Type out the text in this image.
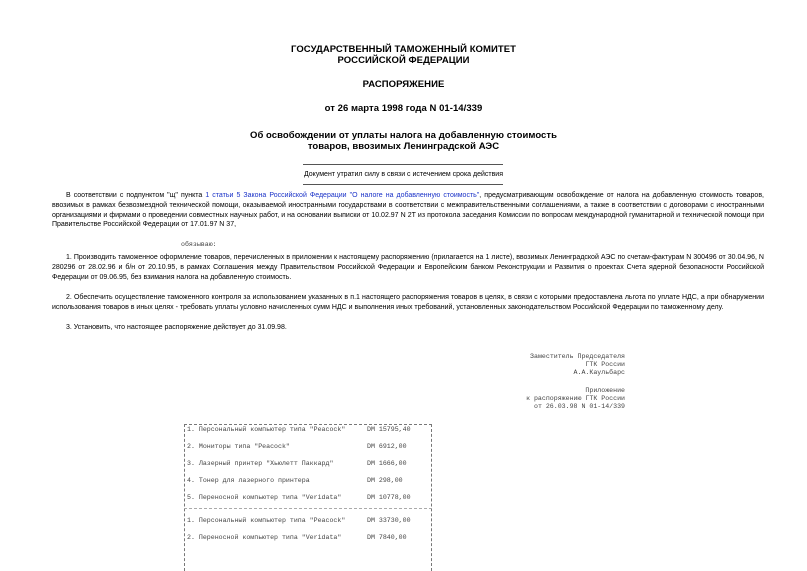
ГОСУДАРСТВЕННЫЙ ТАМОЖЕННЫЙ КОМИТЕТ
РОССИЙСКОЙ ФЕДЕРАЦИИ
РАСПОРЯЖЕНИЕ
от 26 марта 1998 года N 01-14/339
Об освобождении от уплаты налога на добавленную стоимость
товаров, ввозимых Ленинградской АЭС
Документ утратил силу в связи с истечением срока действия
В соответствии с подпунктом "щ" пункта 1 статьи 5 Закона Российской Федерации "О налоге на добавленную стоимость", предусматривающим освобождение от налога на добавленную стоимость товаров, ввозимых в рамках безвозмездной технической помощи, оказываемой иностранными государствами в соответствии с межправительственными соглашениями, а также в соответствии с договорами с иностранными организациями и фирмами о проведении совместных научных работ, и на основании выписки от 10.02.97 N 2Т из протокола заседания Комиссии по вопросам международной гуманитарной и технической помощи при Правительстве Российской Федерации от 17.01.97 N 37,
обязываю:
1. Производить таможенное оформление товаров, перечисленных в приложении к настоящему распоряжению (прилагается на 1 листе), ввозимых Ленинградской АЭС по счетам-фактурам N 300496 от 30.04.96, N 280296 от 28.02.96 и б/н от 20.10.95, в рамках Соглашения между Правительством Российской Федерации и Европейским банком Реконструкции и Развития о проектах Счета ядерной безопасности Российской Федерации от 09.06.95, без взимания налога на добавленную стоимость.
2. Обеспечить осуществление таможенного контроля за использованием указанных в п.1 настоящего распоряжения товаров в целях, в связи с которыми предоставлена льгота по уплате НДС, а при обнаружении использования товаров в иных целях - требовать уплаты условно начисленных сумм НДС и выполнения иных требований, установленных законодательством Российской Федерации по таможенному делу.
3. Установить, что настоящее распоряжение действует до 31.09.98.
Заместитель Председателя
ГТК России
А.А.Каульбарс
Приложение
к распоряжению ГТК России
от 26.03.98 N 01-14/339
1. Персональный компьютер типа "Peacock"	DM 15795,40
2. Мониторы типа "Peacock"	DM 6912,00
3. Лазерный принтер "Хьюлетт Паккард"	DM 1666,00
4. Тонер для лазерного принтера	DM 298,00
5. Переносной компьютер типа "Veridata"	DM 10778,00
1. Персональный компьютер типа "Peacock"	DM 33730,00
2. Переносной компьютер типа "Veridata"	DM 7840,00
